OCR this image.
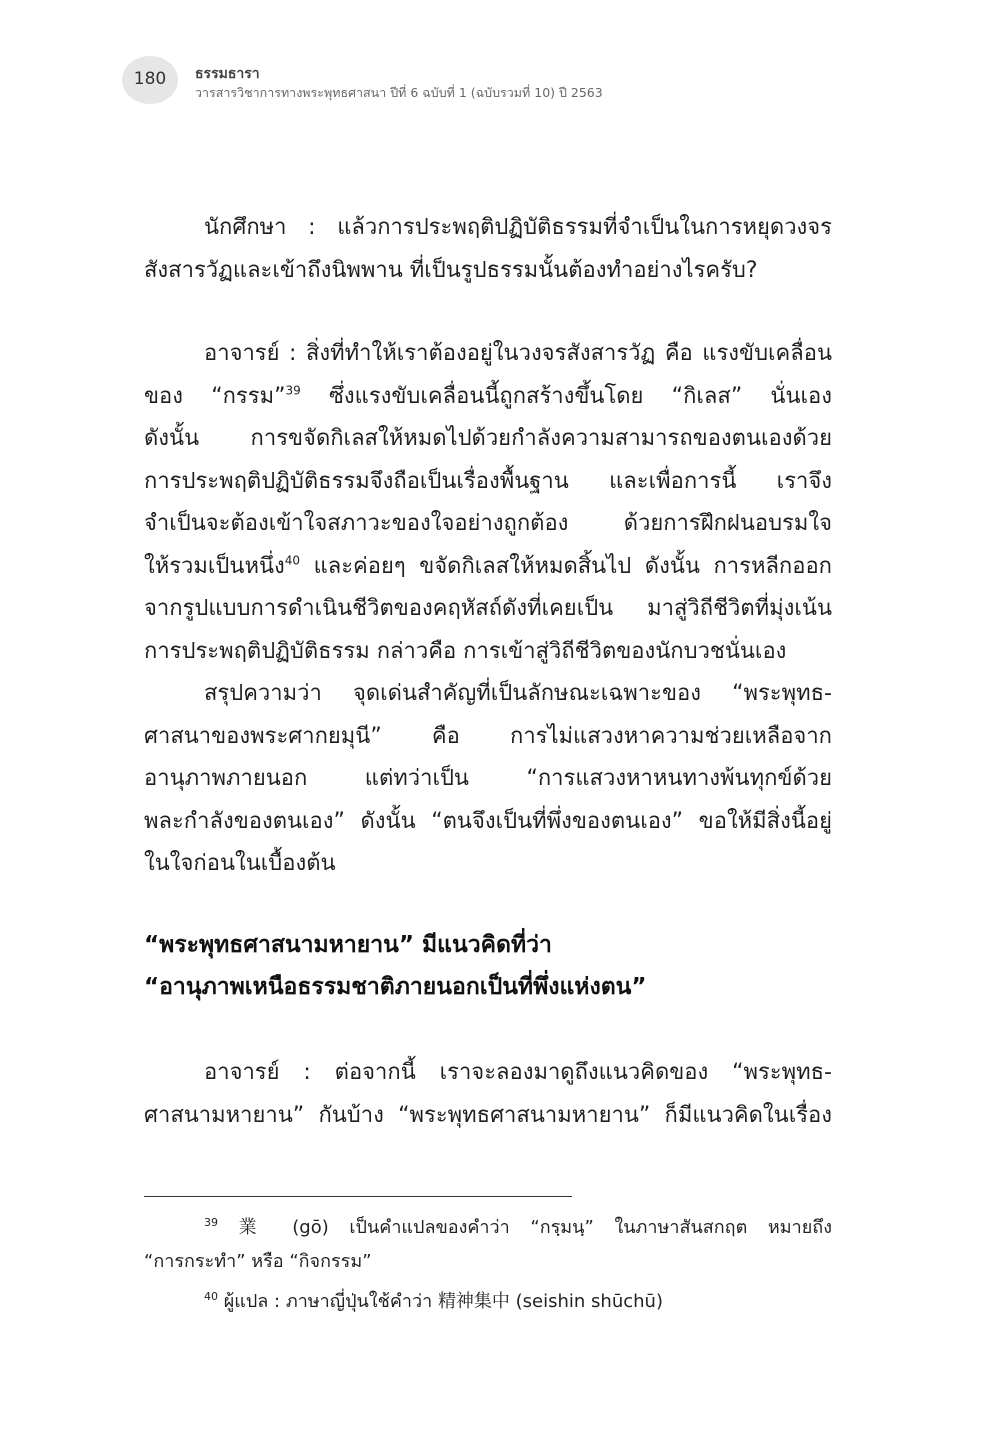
180	ธรรมธารา
วารสารวิชาการทางพระพุทธศาสนา ปีที่ 6 ฉบับที่ 1 (ฉบับรวมที่ 10) ปี 2563
นักศึกษา : แล้วการประพฤติปฏิบัติธรรมที่จำเป็นในการหยุดวงจร
สังสารวัฏและเข้าถึงนิพพาน ที่เป็นรูปธรรมนั้นต้องทำอย่างไรครับ?
อาจารย์ : สิ่งที่ทำให้เราต้องอยู่ในวงจรสังสารวัฏ คือ แรงขับเคลื่อน
ของ “กรรม”$^{39}$ ซึ่งแรงขับเคลื่อนนี้ถูกสร้างขึ้นโดย “กิเลส” นั่นเอง
ดังนั้น การขจัดกิเลสให้หมดไปด้วยกำลังความสามารถของตนเองด้วย
การประพฤติปฏิบัติธรรมจึงถือเป็นเรื่องพื้นฐาน และเพื่อการนี้ เราจึง
จำเป็นจะต้องเข้าใจสภาวะของใจอย่างถูกต้อง ด้วยการฝึกฝนอบรมใจ
ให้รวมเป็นหนึ่ง$^{40}$ และค่อยๆ ขจัดกิเลสให้หมดสิ้นไป ดังนั้น การหลีกออก
จากรูปแบบการดำเนินชีวิตของคฤหัสถ์ดังที่เคยเป็น มาสู่วิถีชีวิตที่มุ่งเน้น
การประพฤติปฏิบัติธรรม กล่าวคือ การเข้าสู่วิถีชีวิตของนักบวชนั่นเอง
สรุปความว่า จุดเด่นสำคัญที่เป็นลักษณะเฉพาะของ “พระพุทธ-
ศาสนาของพระศากยมุนี” คือ การไม่แสวงหาความช่วยเหลือจาก
อานุภาพภายนอก แต่ทว่าเป็น “การแสวงหาหนทางพ้นทุกข์ด้วย
พละกำลังของตนเอง” ดังนั้น “ตนจึงเป็นที่พึ่งของตนเอง” ขอให้มีสิ่งนี้อยู่
ในใจก่อนในเบื้องต้น
“พระพุทธศาสนามหายาน” มีแนวคิดที่ว่า
“อานุภาพเหนือธรรมชาติภายนอกเป็นที่พึ่งแห่งตน”
อาจารย์ : ต่อจากนี้ เราจะลองมาดูถึงแนวคิดของ “พระพุทธ-
ศาสนามหายาน” กันบ้าง “พระพุทธศาสนามหายาน” ก็มีแนวคิดในเรื่อง
$^{39}$ 業 (gō) เป็นคำแปลของคำว่า “กรฺมนฺ” ในภาษาสันสกฤต หมายถึง
“การกระทำ” หรือ “กิจกรรม”
$^{40}$ ผู้แปล : ภาษาญี่ปุ่นใช้คำว่า 精神集中 (seishin shūchū)
